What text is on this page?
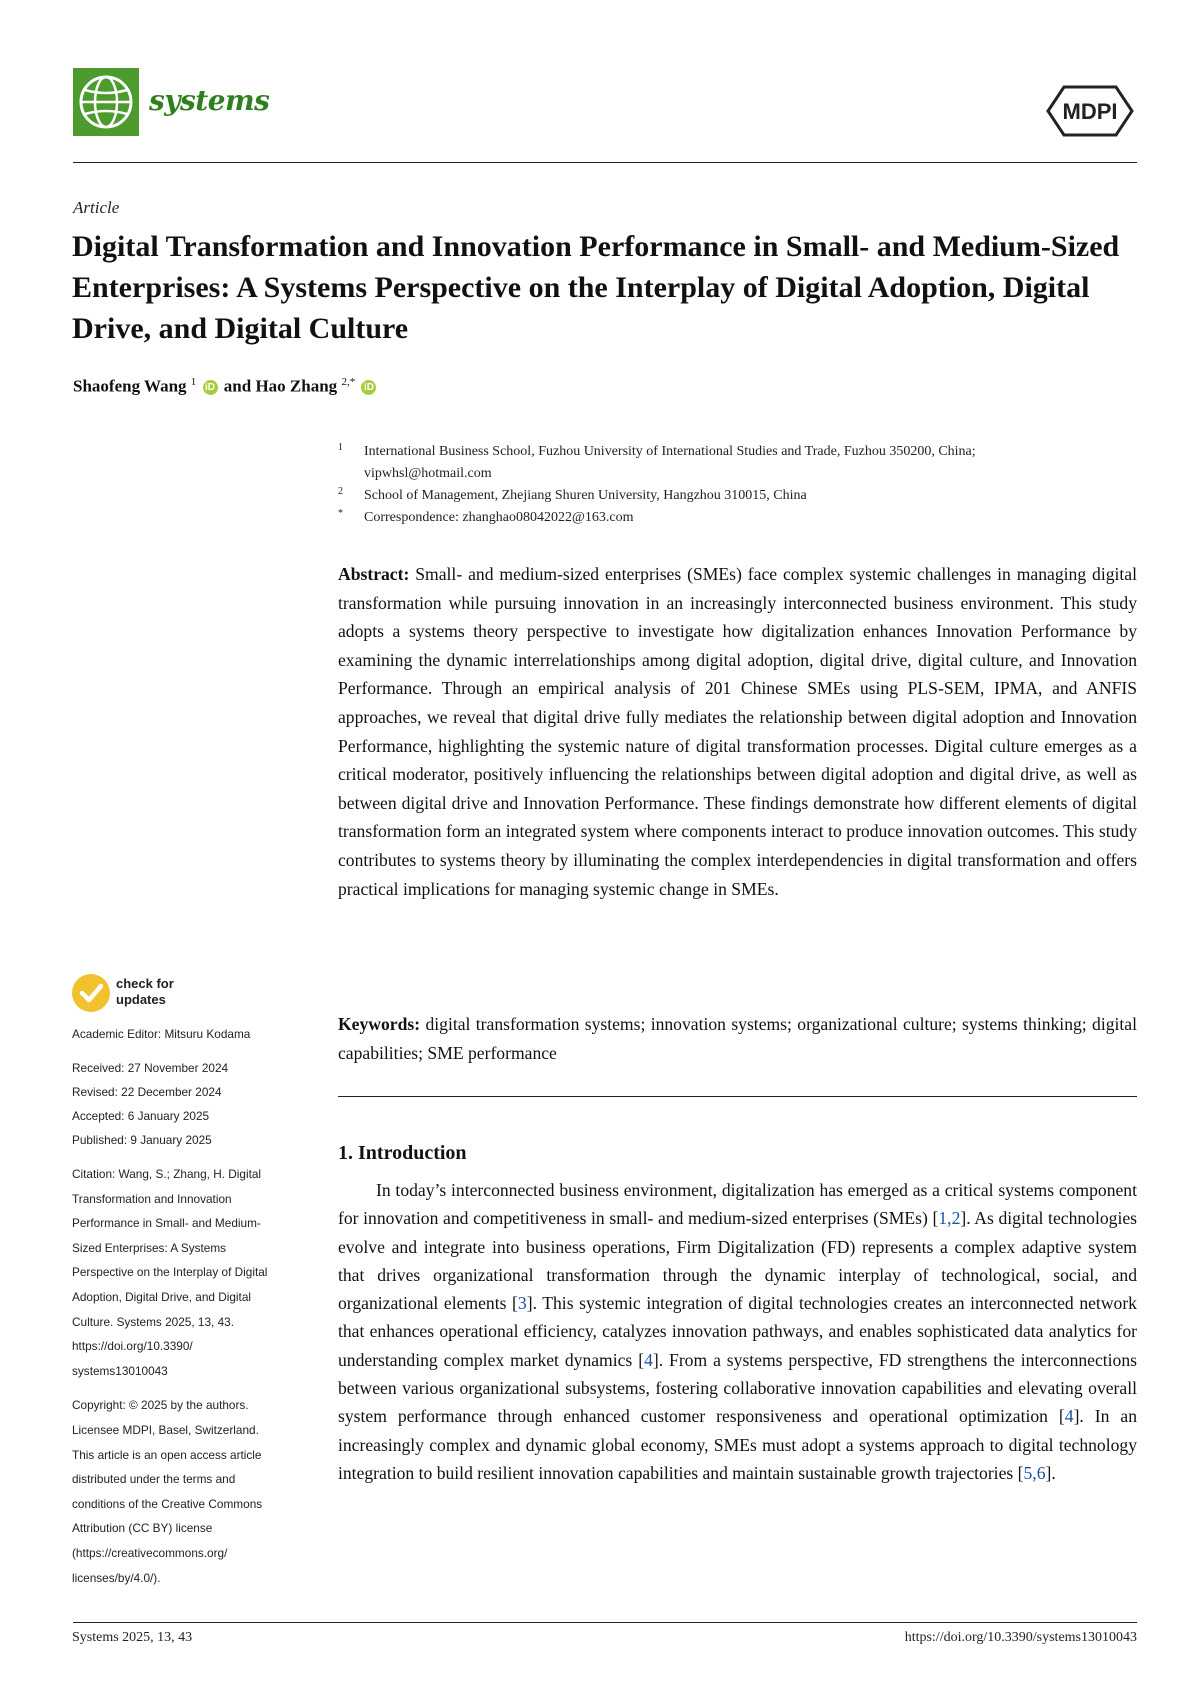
systems	MDPI
Article
Digital Transformation and Innovation Performance in Small- and Medium-Sized Enterprises: A Systems Perspective on the Interplay of Digital Adoption, Digital Drive, and Digital Culture
Shaofeng Wang $^1$ iD and Hao Zhang $^{2,*}$ iD
1 International Business School, Fuzhou University of International Studies and Trade, Fuzhou 350200, China;
vipwhsl@hotmail.com
2 School of Management, Zhejiang Shuren University, Hangzhou 310015, China
* Correspondence: zhanghao08042022@163.com
Abstract: Small- and medium-sized enterprises (SMEs) face complex systemic challenges in managing digital transformation while pursuing innovation in an increasingly interconnected business environment. This study adopts a systems theory perspective to investigate how digitalization enhances Innovation Performance by examining the dynamic interrelationships among digital adoption, digital drive, digital culture, and Innovation Performance. Through an empirical analysis of 201 Chinese SMEs using PLS-SEM, IPMA, and ANFIS approaches, we reveal that digital drive fully mediates the relationship between digital adoption and Innovation Performance, highlighting the systemic nature of digital transformation processes. Digital culture emerges as a critical moderator, positively influencing the relationships between digital adoption and digital drive, as well as between digital drive and Innovation Performance. These findings demonstrate how different elements of digital transformation form an integrated system where components interact to produce innovation outcomes. This study contributes to systems theory by illuminating the complex interdependencies in digital transformation and offers practical implications for managing systemic change in SMEs.
Keywords: digital transformation systems; innovation systems; organizational culture; systems thinking; digital capabilities; SME performance
1. Introduction
In today’s interconnected business environment, digitalization has emerged as a critical systems component for innovation and competitiveness in small- and medium-sized enterprises (SMEs) [1,2]. As digital technologies evolve and integrate into business operations, Firm Digitalization (FD) represents a complex adaptive system that drives organizational transformation through the dynamic interplay of technological, social, and organizational elements [3]. This systemic integration of digital technologies creates an interconnected network that enhances operational efficiency, catalyzes innovation pathways, and enables sophisticated data analytics for understanding complex market dynamics [4]. From a systems perspective, FD strengthens the interconnections between various organizational subsystems, fostering collaborative innovation capabilities and elevating overall system performance through enhanced customer responsiveness and operational optimization [4]. In an increasingly complex and dynamic global economy, SMEs must adopt a systems approach to digital technology integration to build resilient innovation capabilities and maintain sustainable growth trajectories [5,6].
check for
updates
Academic Editor: Mitsuru Kodama
Received: 27 November 2024
Revised: 22 December 2024
Accepted: 6 January 2025
Published: 9 January 2025
Citation: Wang, S.; Zhang, H. Digital
Transformation and Innovation
Performance in Small- and Medium-
Sized Enterprises: A Systems
Perspective on the Interplay of Digital
Adoption, Digital Drive, and Digital
Culture. Systems 2025, 13, 43.
https://doi.org/10.3390/
systems13010043
Copyright: © 2025 by the authors.
Licensee MDPI, Basel, Switzerland.
This article is an open access article
distributed under the terms and
conditions of the Creative Commons
Attribution (CC BY) license
(https://creativecommons.org/
licenses/by/4.0/).
Systems 2025, 13, 43	https://doi.org/10.3390/systems13010043
